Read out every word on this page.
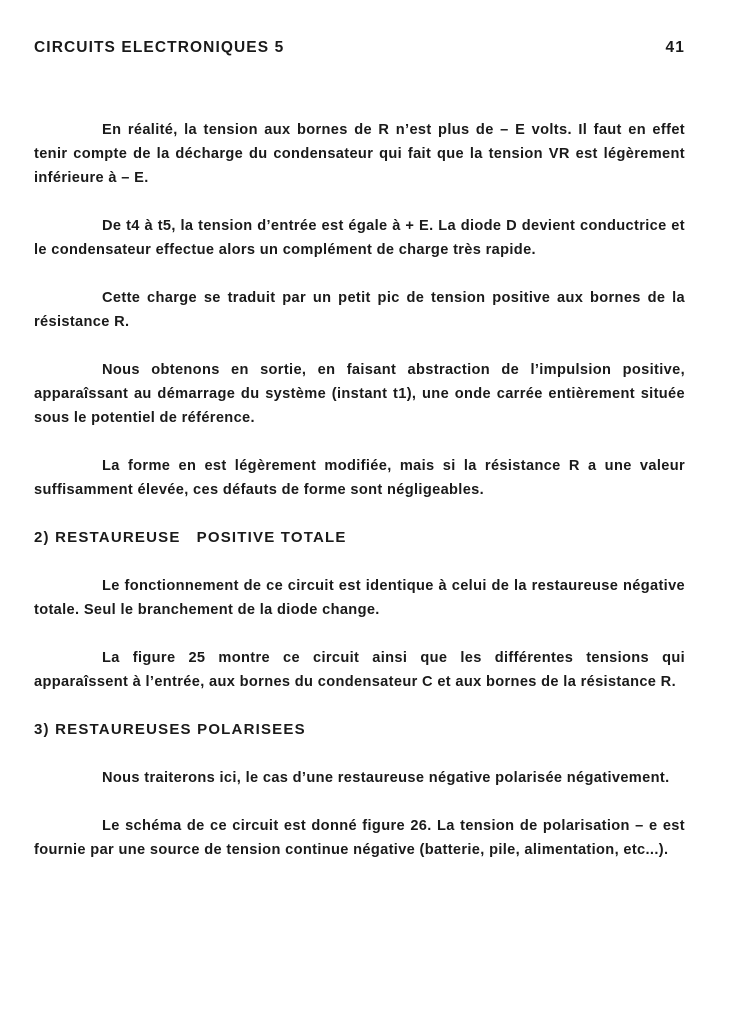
CIRCUITS ELECTRONIQUES 5	41

En réalité, la tension aux bornes de R n’est plus de – E volts. Il faut en effet tenir compte de la décharge du condensateur qui fait que la tension VR est légèrement inférieure à – E.

De t4 à t5, la tension d’entrée est égale à + E. La diode D devient conductrice et le condensateur effectue alors un complément de charge très rapide.

Cette charge se traduit par un petit pic de tension positive aux bornes de la résistance R.

Nous obtenons en sortie, en faisant abstraction de l’impulsion positive, apparaîssant au démarrage du système (instant t1), une onde carrée entièrement située sous le potentiel de référence.

La forme en est légèrement modifiée, mais si la résistance R a une valeur suffisamment élevée, ces défauts de forme sont négligeables.

2) RESTAUREUSE   POSITIVE TOTALE

Le fonctionnement de ce circuit est identique à celui de la restaureuse négative totale. Seul le branchement de la diode change.

La figure 25 montre ce circuit ainsi que les différentes tensions qui apparaîssent à l’entrée, aux bornes du condensateur C et aux bornes de la résistance R.

3) RESTAUREUSES POLARISEES

Nous traiterons ici, le cas d’une restaureuse négative polarisée négativement.

Le schéma de ce circuit est donné figure 26. La tension de polarisation – e est fournie par une source de tension continue négative (batterie, pile, alimentation, etc...).
